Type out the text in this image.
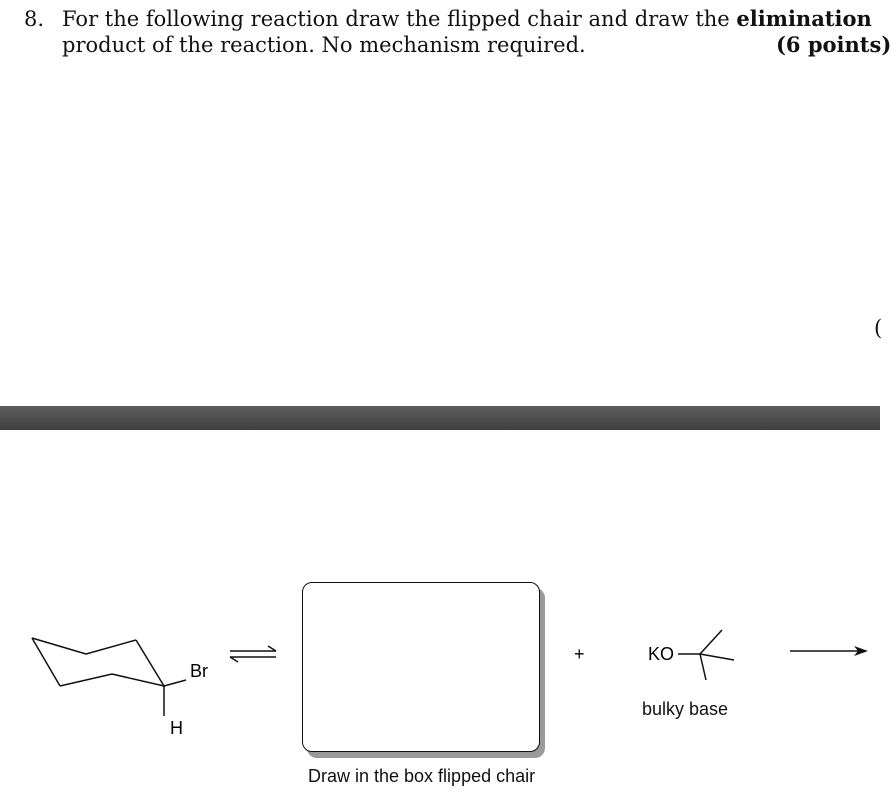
8. For the following reaction draw the flipped chair and draw the elimination
product of the reaction. No mechanism required.	(6 points)
(
Br
H
+	KO
bulky base
Draw in the box flipped chair
